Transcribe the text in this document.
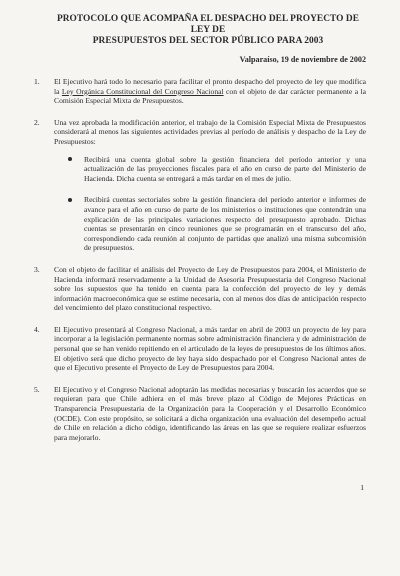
PROTOCOLO QUE ACOMPAÑA EL DESPACHO DEL PROYECTO DE LEY DE
PRESUPUESTOS DEL SECTOR PÚBLICO PARA 2003
Valparaíso, 19 de noviembre de 2002
1. El Ejecutivo hará todo lo necesario para facilitar el pronto despacho del proyecto de ley que modifica la Ley Orgánica Constitucional del Congreso Nacional con el objeto de dar carácter permanente a la Comisión Especial Mixta de Presupuestos.
2. Una vez aprobada la modificación anterior, el trabajo de la Comisión Especial Mixta de Presupuestos considerará al menos las siguientes actividades previas al período de análisis y despacho de la Ley de Presupuestos:
Recibirá una cuenta global sobre la gestión financiera del período anterior y una actualización de las proyecciones fiscales para el año en curso de parte del Ministerio de Hacienda. Dicha cuenta se entregará a más tardar en el mes de julio.
Recibirá cuentas sectoriales sobre la gestión financiera del período anterior e informes de avance para el año en curso de parte de los ministerios o instituciones que contendrán una explicación de las principales variaciones respecto del presupuesto aprobado. Dichas cuentas se presentarán en cinco reuniones que se programarán en el transcurso del año, correspondiendo cada reunión al conjunto de partidas que analizó una misma subcomisión de presupuestos.
3. Con el objeto de facilitar el análisis del Proyecto de Ley de Presupuestos para 2004, el Ministerio de Hacienda informará reservadamente a la Unidad de Asesoría Presupuestaria del Congreso Nacional sobre los supuestos que ha tenido en cuenta para la confección del proyecto de ley y demás información macroeconómica que se estime necesaria, con al menos dos días de anticipación respecto del vencimiento del plazo constitucional respectivo.
4. El Ejecutivo presentará al Congreso Nacional, a más tardar en abril de 2003 un proyecto de ley para incorporar a la legislación permanente normas sobre administración financiera y de administración de personal que se han venido repitiendo en el articulado de la leyes de presupuestos de los últimos años. El objetivo será que dicho proyecto de ley haya sido despachado por el Congreso Nacional antes de que el Ejecutivo presente el Proyecto de Ley de Presupuestos para 2004.
5. El Ejecutivo y el Congreso Nacional adoptarán las medidas necesarias y buscarán los acuerdos que se requieran para que Chile adhiera en el más breve plazo al Código de Mejores Prácticas en Transparencia Presupuestaria de la Organización para la Cooperación y el Desarrollo Económico (OCDE). Con este propósito, se solicitará a dicha organización una evaluación del desempeño actual de Chile en relación a dicho código, identificando las áreas en las que se requiere realizar esfuerzos para mejorarlo.
1
